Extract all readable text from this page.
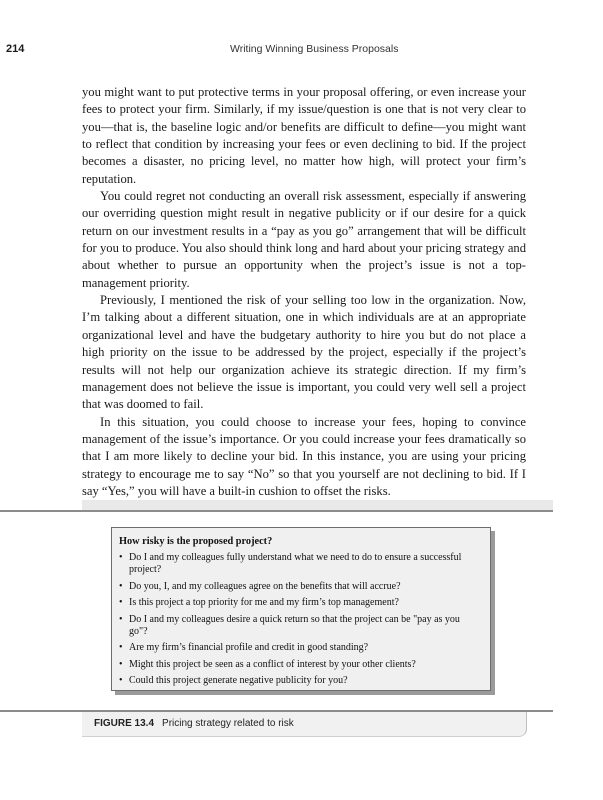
214	Writing Winning Business Proposals

you might want to put protective terms in your proposal offering, or even increase your fees to protect your firm. Similarly, if my issue/question is one that is not very clear to you—that is, the baseline logic and/or benefits are difficult to define—you might want to reflect that condition by increasing your fees or even declining to bid. If the project becomes a disaster, no pricing level, no matter how high, will protect your firm’s reputation.

You could regret not conducting an overall risk assessment, especially if answering our overriding question might result in negative publicity or if our desire for a quick return on our investment results in a “pay as you go” arrangement that will be difficult for you to produce. You also should think long and hard about your pricing strategy and about whether to pursue an opportunity when the project’s issue is not a top-management priority.

Previously, I mentioned the risk of your selling too low in the organization. Now, I’m talking about a different situation, one in which individuals are at an appropriate organizational level and have the budgetary authority to hire you but do not place a high priority on the issue to be addressed by the project, especially if the project’s results will not help our organization achieve its strategic direction. If my firm’s management does not believe the issue is important, you could very well sell a project that was doomed to fail.

In this situation, you could choose to increase your fees, hoping to convince management of the issue’s importance. Or you could increase your fees dramatically so that I am more likely to decline your bid. In this instance, you are using your pricing strategy to encourage me to say “No” so that you yourself are not declining to bid. If I say “Yes,” you will have a built-in cushion to offset the risks.

How risky is the proposed project?
• Do I and my colleagues fully understand what we need to do to ensure a successful project?
• Do you, I, and my colleagues agree on the benefits that will accrue?
• Is this project a top priority for me and my firm’s top management?
• Do I and my colleagues desire a quick return so that the project can be "pay as you go"?
• Are my firm’s financial profile and credit in good standing?
• Might this project be seen as a conflict of interest by your other clients?
• Could this project generate negative publicity for you?
FIGURE 13.4 Pricing strategy related to risk
